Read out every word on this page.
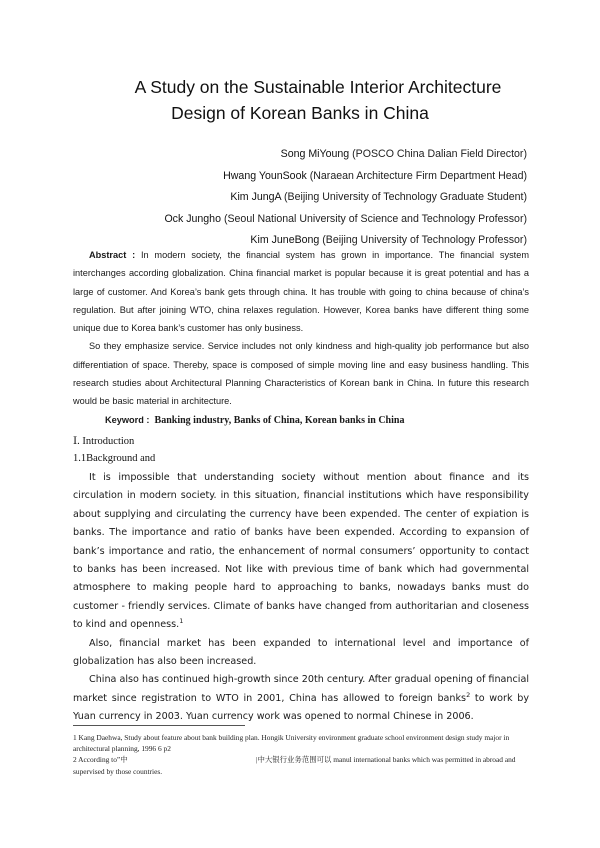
A Study on the Sustainable Interior Architecture
Design of Korean Banks in China
Song MiYoung (POSCO China Dalian Field Director)
Hwang YounSook (Naraean Architecture Firm Department Head)
Kim JungA (Beijing University of Technology Graduate Student)
Ock Jungho (Seoul National University of Science and Technology Professor)
Kim JuneBong (Beijing University of Technology Professor)

Abstract : In modern society, the financial system has grown in importance. The financial system interchanges according globalization. China financial market is popular because it is great potential and has a large of customer. And Korea’s bank gets through china. It has trouble with going to china because of china’s regulation. But after joining WTO, china relaxes regulation. However, Korea banks have different thing some unique due to Korea bank’s customer has only business.

So they emphasize service. Service includes not only kindness and high-quality job performance but also differentiation of space. Thereby, space is composed of simple moving line and easy business handling. This research studies about Architectural Planning Characteristics of Korean bank in China. In future this research would be basic material in architecture.

Keyword : Banking industry, Banks of China, Korean banks in China

Ⅰ. Introduction
1.1Background and

It is impossible that understanding society without mention about finance and its circulation in modern society. in this situation, financial institutions which have responsibility about supplying and circulating the currency have been expended. The center of expiation is banks. The importance and ratio of banks have been expended. According to expansion of bank’s importance and ratio, the enhancement of normal consumers’ opportunity to contact to banks has been increased. Not like with previous time of bank which had governmental atmosphere to making people hard to approaching to banks, nowadays banks must do customer - friendly services. Climate of banks have changed from authoritarian and closeness to kind and openness.$^1$

Also, financial market has been expanded to international level and importance of globalization has also been increased.

China also has continued high-growth since 20th century. After gradual opening of financial market since registration to WTO in 2001, China has allowed to foreign banks$^2$ to work by Yuan currency in 2003. Yuan currency work was opened to normal Chinese in 2006.

1 Kang Daehwa, Study about feature about bank building plan. Hongik University environment graduate school environment design study major in architectural planning, 1996 6 p2
2 According to”中	|中大银行业务范围可以 manul international banks which was permitted in abroad and
supervised by those countries.
